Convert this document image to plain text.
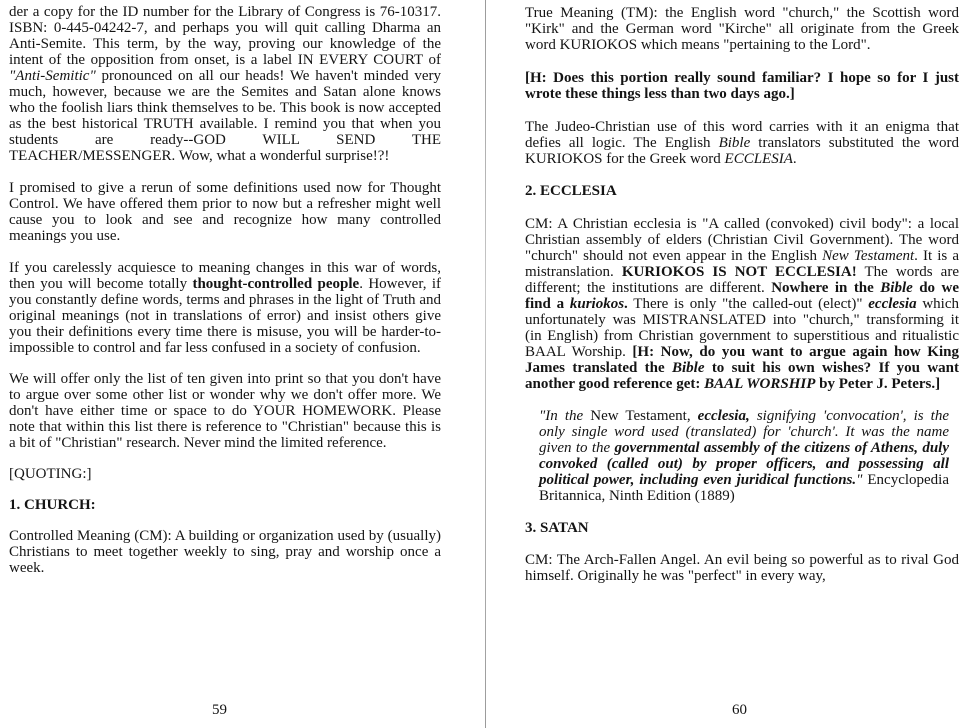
der a copy for the ID number for the Library of Congress is 76-10317. ISBN: 0-445-04242-7, and perhaps you will quit calling Dharma an Anti-Semite. This term, by the way, proving our knowledge of the intent of the opposition from onset, is a label IN EVERY COURT of "Anti-Semitic" pronounced on all our heads! We haven't minded very much, however, because we are the Semites and Satan alone knows who the foolish liars think themselves to be. This book is now accepted as the best historical TRUTH available. I remind you that when you students are ready--GOD WILL SEND THE TEACHER/MESSENGER. Wow, what a wonderful surprise!?!

I promised to give a rerun of some definitions used now for Thought Control. We have offered them prior to now but a refresher might well cause you to look and see and recognize how many controlled meanings you use.

If you carelessly acquiesce to meaning changes in this war of words, then you will become totally thought-controlled people. However, if you constantly define words, terms and phrases in the light of Truth and original meanings (not in translations of error) and insist others give you their definitions every time there is misuse, you will be harder-to-impossible to control and far less confused in a society of confusion.

We will offer only the list of ten given into print so that you don't have to argue over some other list or wonder why we don't offer more. We don't have either time or space to do YOUR HOMEWORK. Please note that within this list there is reference to "Christian" because this is a bit of "Christian" research. Never mind the limited reference.

[QUOTING:]

1. CHURCH:

Controlled Meaning (CM): A building or organization used by (usually) Christians to meet together weekly to sing, pray and worship once a week.

59

True Meaning (TM): the English word "church," the Scottish word "Kirk" and the German word "Kirche" all originate from the Greek word KURIOKOS which means "pertaining to the Lord".

[H: Does this portion really sound familiar? I hope so for I just wrote these things less than two days ago.]

The Judeo-Christian use of this word carries with it an enigma that defies all logic. The English Bible translators substituted the word KURIOKOS for the Greek word ECCLESIA.

2. ECCLESIA

CM: A Christian ecclesia is "A called (convoked) civil body": a local Christian assembly of elders (Christian Civil Government). The word "church" should not even appear in the English New Testament. It is a mistranslation. KURIOKOS IS NOT ECCLESIA! The words are different; the institutions are different. Nowhere in the Bible do we find a kuriokos. There is only "the called-out (elect)" ecclesia which unfortunately was MISTRANSLATED into "church," transforming it (in English) from Christian government to superstitious and ritualistic BAAL Worship. [H: Now, do you want to argue again how King James translated the Bible to suit his own wishes? If you want another good reference get: BAAL WORSHIP by Peter J. Peters.]

"In the New Testament, ecclesia, signifying 'convocation', is the only single word used (translated) for 'church'. It was the name given to the governmental assembly of the citizens of Athens, duly convoked (called out) by proper officers, and possessing all political power, including even juridical functions." Encyclopedia Britannica, Ninth Edition (1889)

3. SATAN

CM: The Arch-Fallen Angel. An evil being so powerful as to rival God himself. Originally he was "perfect" in every way,

60
